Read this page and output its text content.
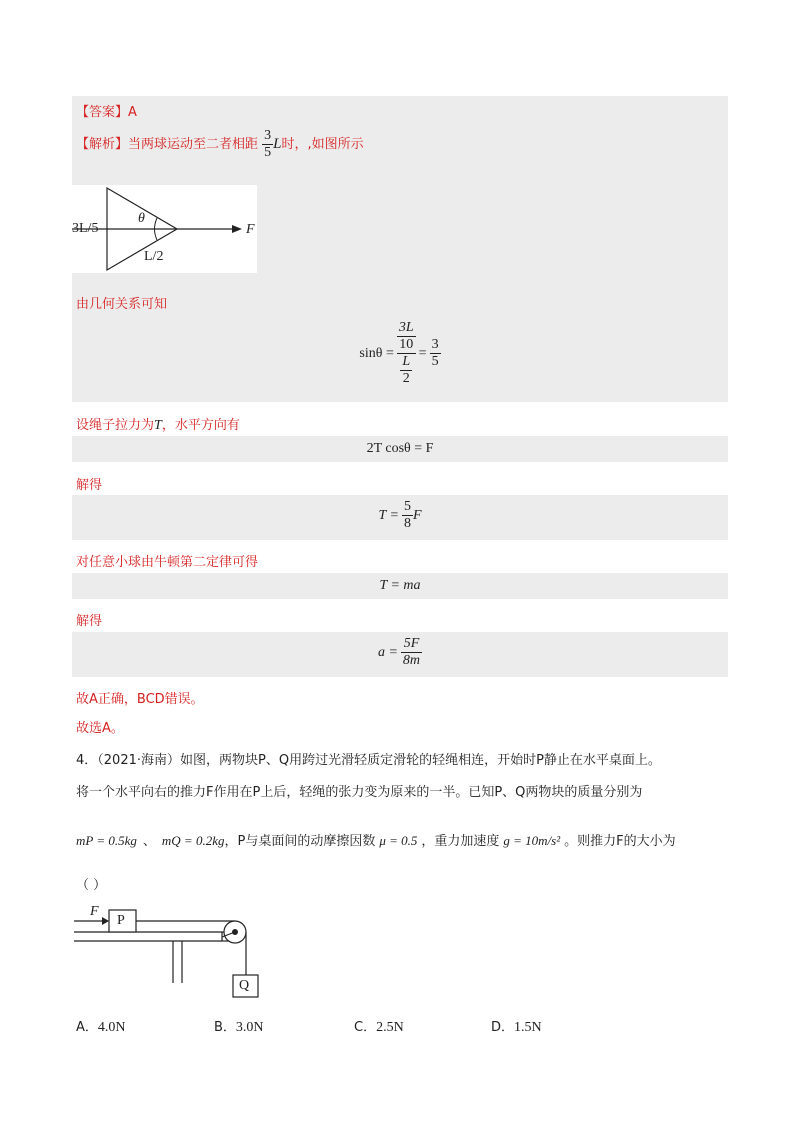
【答案】A
【解析】当两球运动至二者相距 $\frac{3}{5}$ L时，,如图所示
3L/5
θ
F
L/2
由几何关系可知
$\sin\theta = \frac{\frac{3L}{10}}{\frac{L}{2}} = \frac{3}{5}$
设绳子拉力为T，水平方向有
2T cosθ = F
解得
$T = \frac{5}{8}$ F
对任意小球由牛顿第二定律可得
T = ma
解得
$a = \frac{5F}{8m}$
故A正确，BCD错误。
故选A。
4．（2021·海南）如图，两物块P、Q用跨过光滑轻质定滑轮的轻绳相连，开始时P静止在水平桌面上。
将一个水平向右的推力F作用在P上后，轻绳的张力变为原来的一半。已知P、Q两物块的质量分别为
mP = 0.5kg 、 mQ = 0.2kg，P与桌面间的动摩擦因数 μ = 0.5 ，重力加速度 g = 10m/s² 。则推力F的大小为
（ ）
F
P
Q
A．4.0N	B．3.0N	C．2.5N	D．1.5N
